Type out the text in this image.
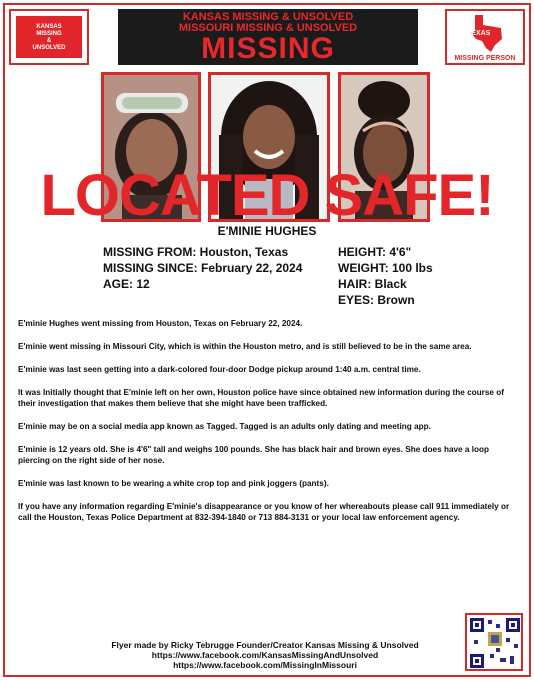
KANSAS
MISSING
&
UNSOLVED
KANSAS MISSING & UNSOLVED
MISSOURI MISSING & UNSOLVED
MISSING	TEXAS
MISSING PERSON
LOCATED SAFE!
E'MINIE HUGHES
MISSING FROM: Houston, Texas
MISSING SINCE: February 22, 2024
AGE: 12
HEIGHT: 4'6"
WEIGHT: 100 lbs
HAIR: Black
EYES: Brown

E'minie Hughes went missing from Houston, Texas on February 22, 2024.

E'minie went missing in Missouri City, which is within the Houston metro, and is still believed to be in the same area.

E'minie was last seen getting into a dark-colored four-door Dodge pickup around 1:40 a.m. central time.

It was Initially thought that E'minie left on her own, Houston police have since obtained new information during the course of their investigation that makes them believe that she might have been trafficked.

E'minie may be on a social media app known as Tagged. Tagged is an adults only dating and meeting app.

E'minie is 12 years old. She is 4'6" tall and weighs 100 pounds. She has black hair and brown eyes. She does have a loop piercing on the right side of her nose.

E'minie was last known to be wearing a white crop top and pink joggers (pants).

If you have any information regarding E'minie's disappearance or you know of her whereabouts please call 911 immediately or call the Houston, Texas Police Department at 832-394-1840 or 713 884-3131 or your local law enforcement agency.

Flyer made by Ricky Tebrugge Founder/Creator Kansas Missing & Unsolved
https://www.facebook.com/KansasMissingAndUnsolved
https://www.facebook.com/MissingInMissouri
